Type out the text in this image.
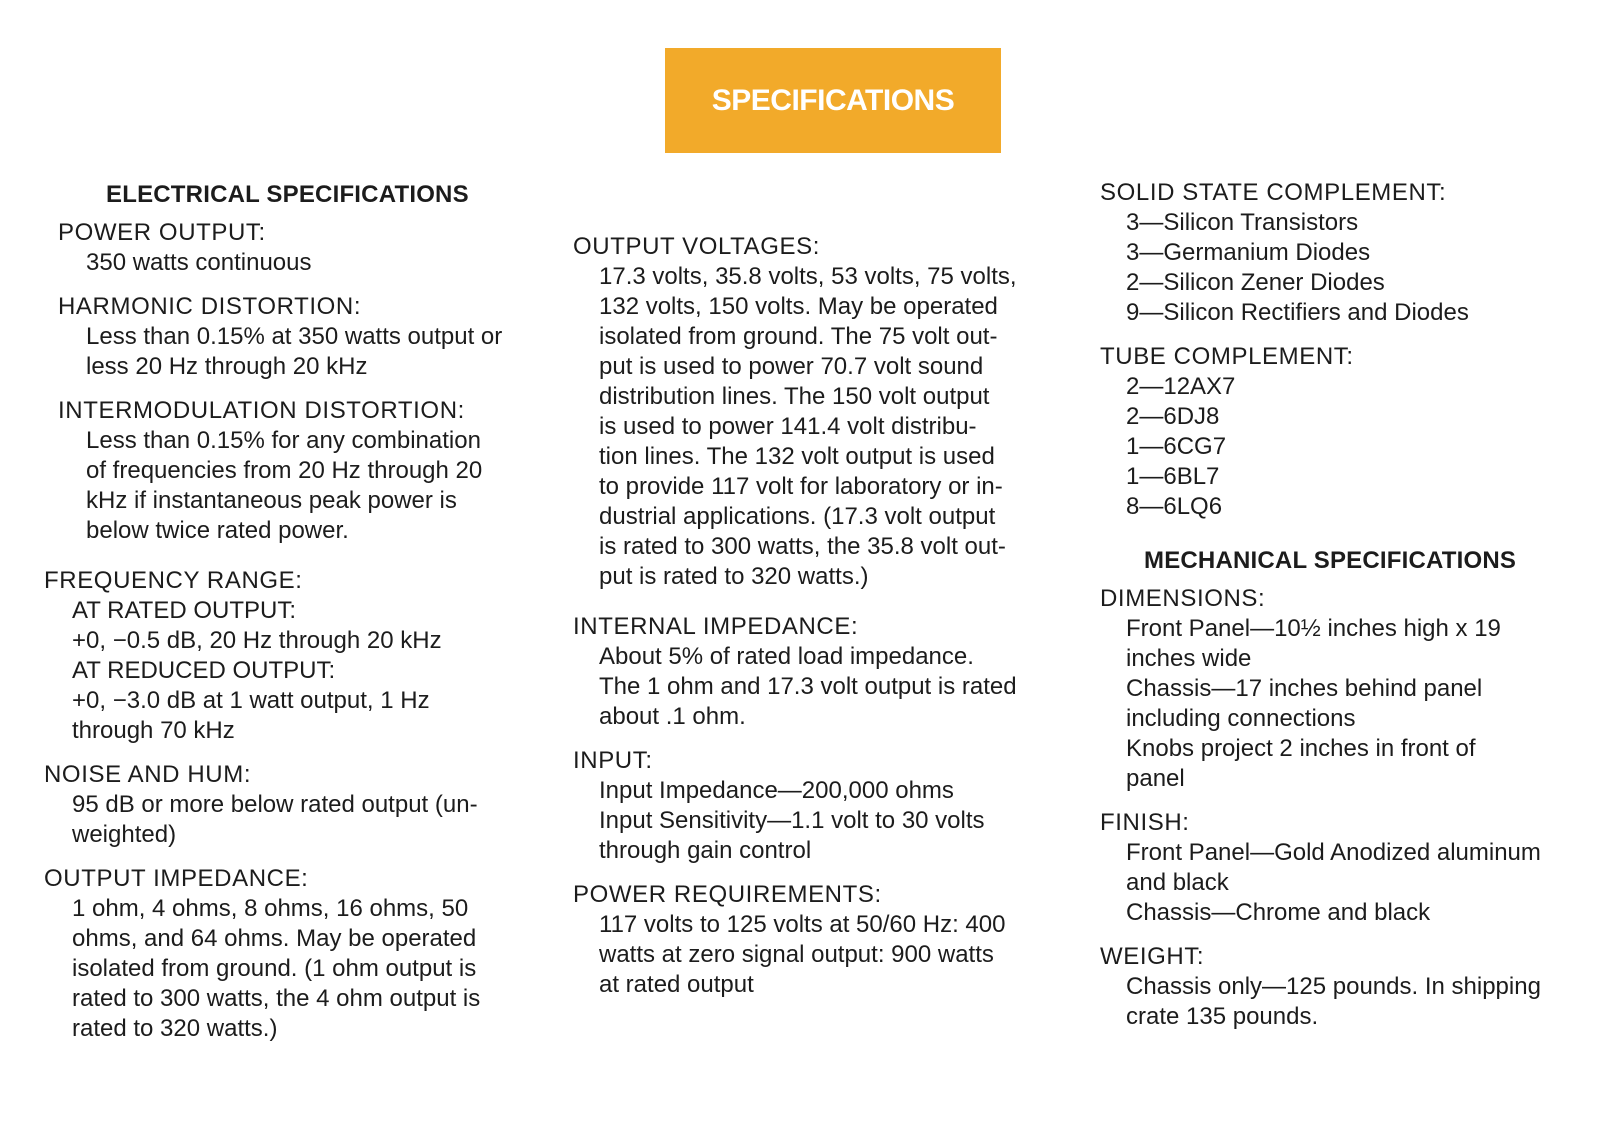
SPECIFICATIONS
ELECTRICAL SPECIFICATIONS
POWER OUTPUT:
350 watts continuous
HARMONIC DISTORTION:
Less than 0.15% at 350 watts output or
less 20 Hz through 20 kHz
INTERMODULATION DISTORTION:
Less than 0.15% for any combination
of frequencies from 20 Hz through 20
kHz if instantaneous peak power is
below twice rated power.
FREQUENCY RANGE:
AT RATED OUTPUT:
+0, −0.5 dB, 20 Hz through 20 kHz
AT REDUCED OUTPUT:
+0, −3.0 dB at 1 watt output, 1 Hz
through 70 kHz
NOISE AND HUM:
95 dB or more below rated output (un-
weighted)
OUTPUT IMPEDANCE:
1 ohm, 4 ohms, 8 ohms, 16 ohms, 50
ohms, and 64 ohms. May be operated
isolated from ground. (1 ohm output is
rated to 300 watts, the 4 ohm output is
rated to 320 watts.)
OUTPUT VOLTAGES:
17.3 volts, 35.8 volts, 53 volts, 75 volts,
132 volts, 150 volts. May be operated
isolated from ground. The 75 volt out-
put is used to power 70.7 volt sound
distribution lines. The 150 volt output
is used to power 141.4 volt distribu-
tion lines. The 132 volt output is used
to provide 117 volt for laboratory or in-
dustrial applications. (17.3 volt output
is rated to 300 watts, the 35.8 volt out-
put is rated to 320 watts.)
INTERNAL IMPEDANCE:
About 5% of rated load impedance.
The 1 ohm and 17.3 volt output is rated
about .1 ohm.
INPUT:
Input Impedance—200,000 ohms
Input Sensitivity—1.1 volt to 30 volts
through gain control
POWER REQUIREMENTS:
117 volts to 125 volts at 50/60 Hz: 400
watts at zero signal output: 900 watts
at rated output
SOLID STATE COMPLEMENT:
3—Silicon Transistors
3—Germanium Diodes
2—Silicon Zener Diodes
9—Silicon Rectifiers and Diodes
TUBE COMPLEMENT:
2—12AX7
2—6DJ8
1—6CG7
1—6BL7
8—6LQ6
MECHANICAL SPECIFICATIONS
DIMENSIONS:
Front Panel—10½ inches high x 19
inches wide
Chassis—17 inches behind panel
including connections
Knobs project 2 inches in front of
panel
FINISH:
Front Panel—Gold Anodized aluminum
and black
Chassis—Chrome and black
WEIGHT:
Chassis only—125 pounds. In shipping
crate 135 pounds.
